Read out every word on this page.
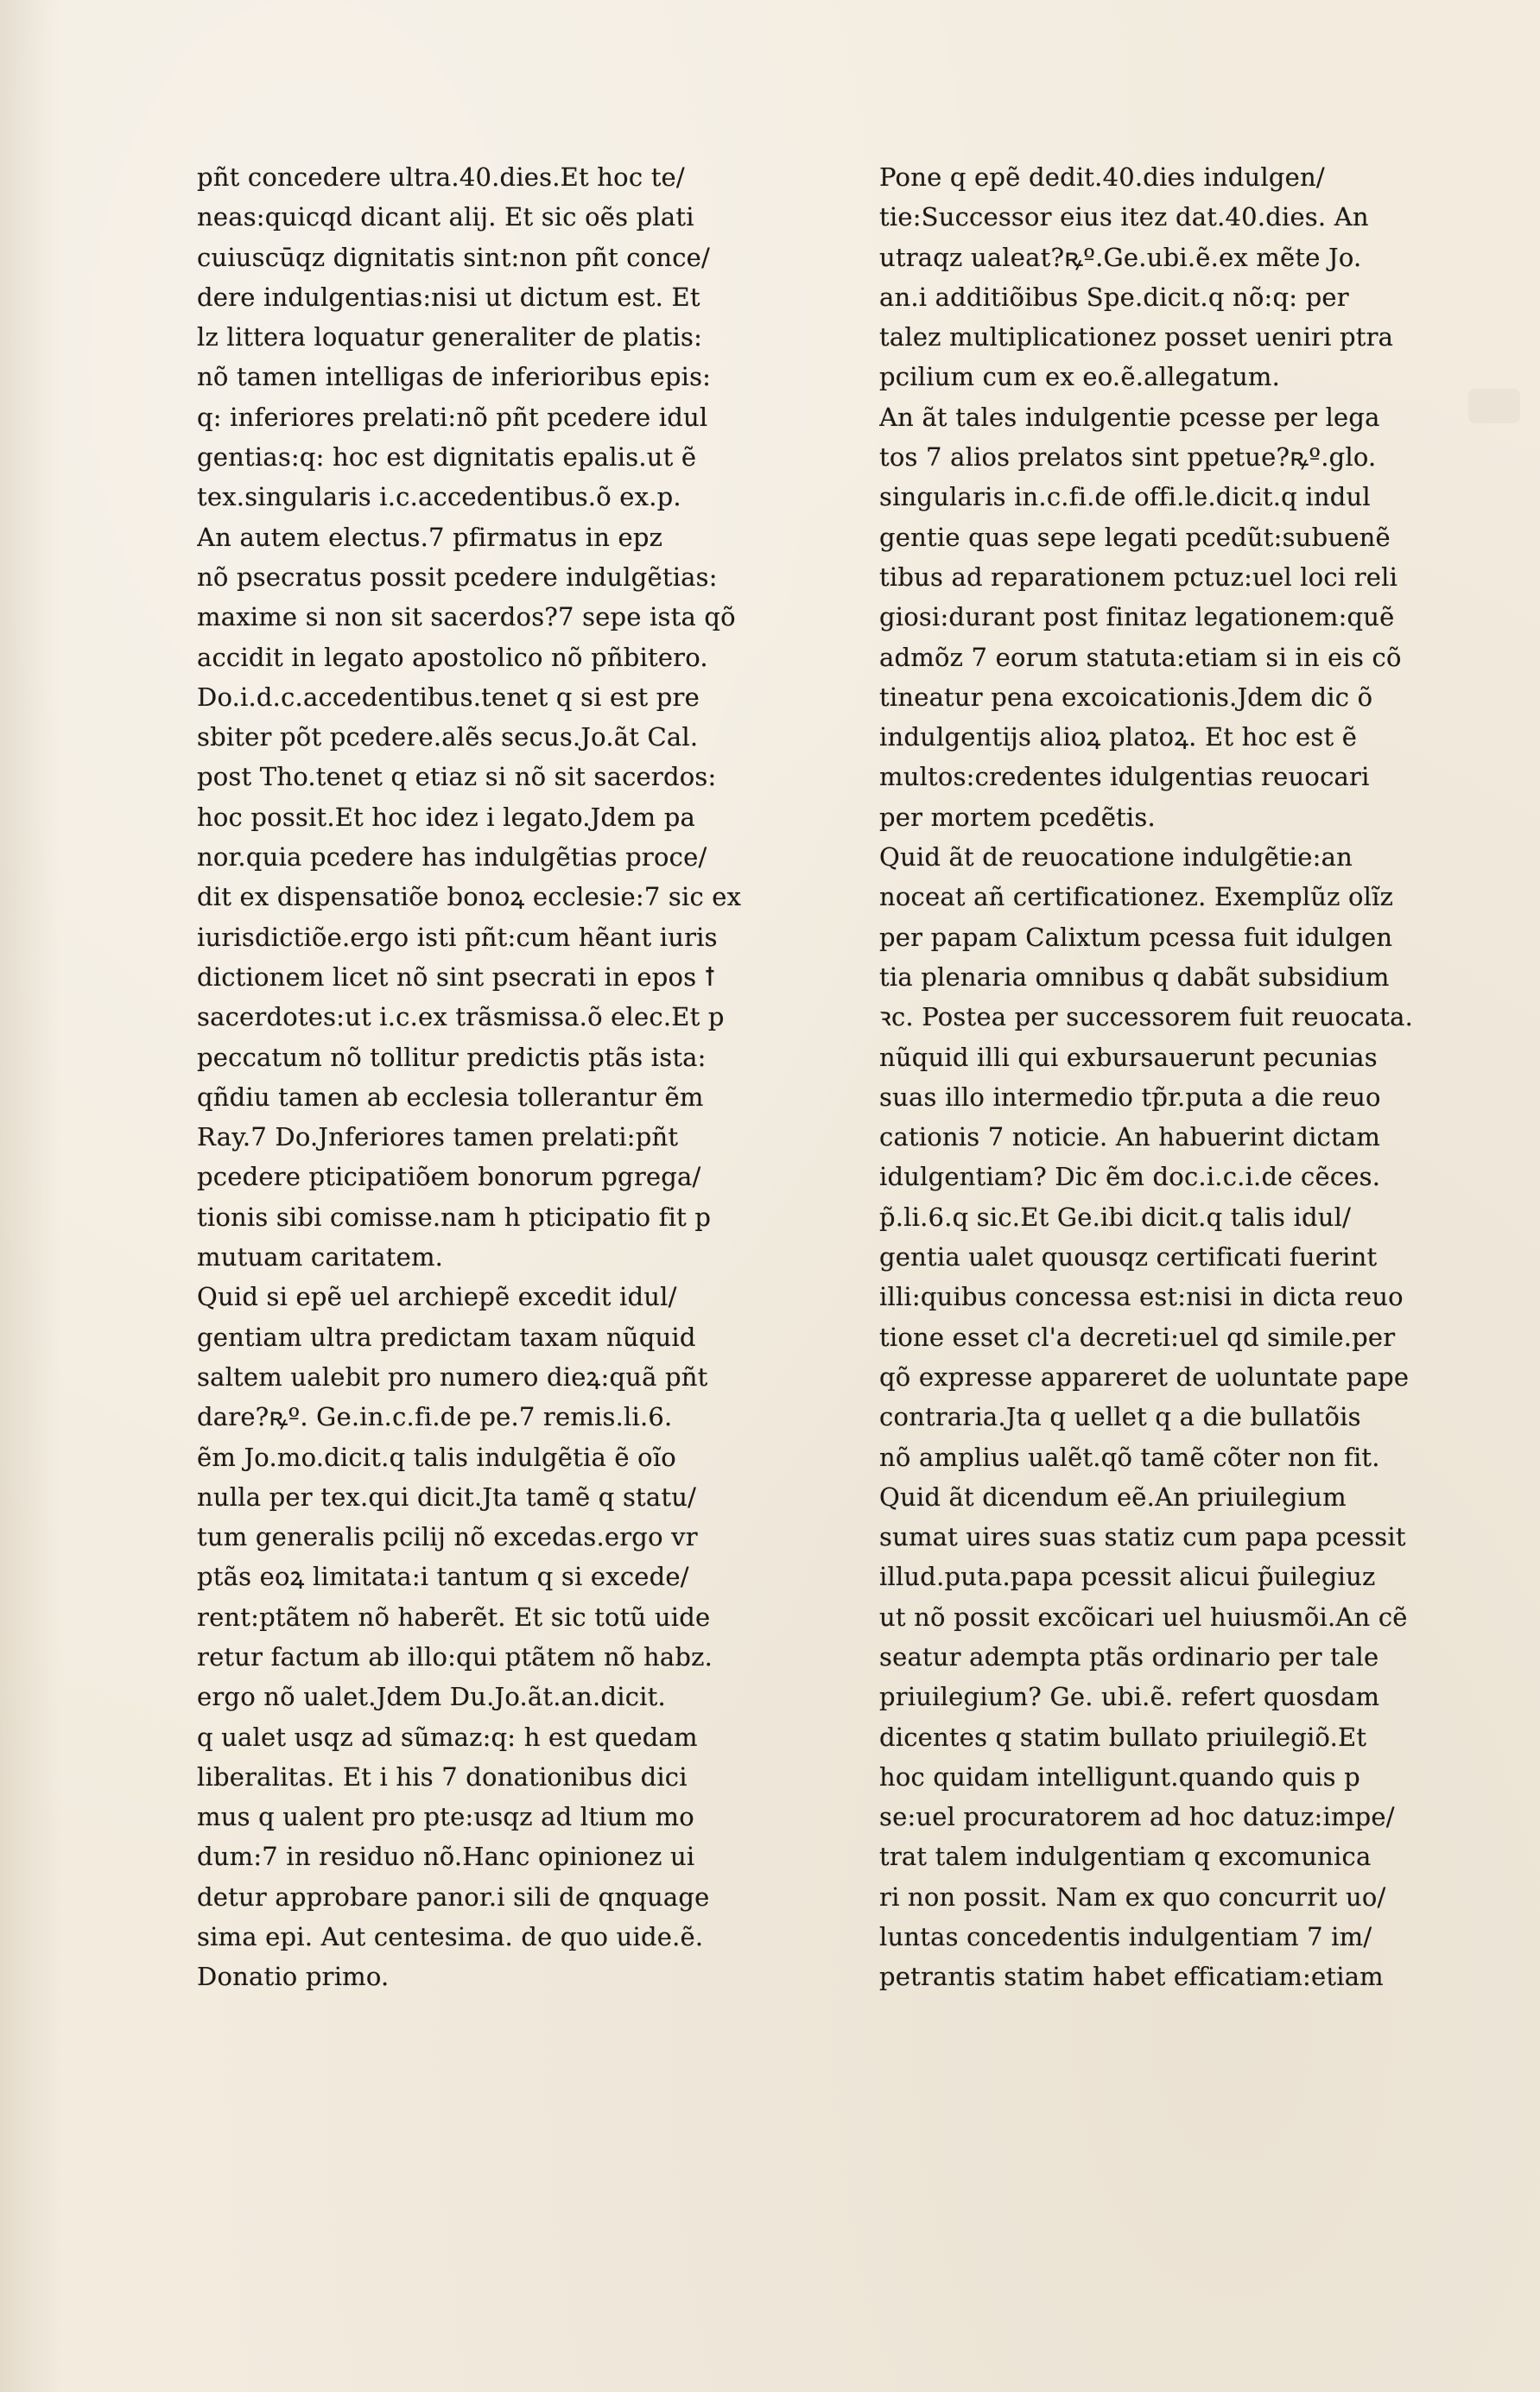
pñt concedere ultra.40.dies.Et hoc te/
neas:quicqd dicant alij. Et sic oẽs plati
cuiuscūqz dignitatis sint:non pñt conce/
dere indulgentias:nisi ut dictum est. Et
lz littera loquatur generaliter de platis:
nõ tamen intelligas de inferioribus epis:
q: inferiores prelati:nõ pñt pcedere idul
gentias:q: hoc est dignitatis epalis.ut ẽ
tex.singularis i.c.accedentibus.õ ex.p.
An autem electus.7 pfirmatus in epz
nõ psecratus possit pcedere indulgẽtias:
maxime si non sit sacerdos?7 sepe ista qõ
accidit in legato apostolico nõ pñbitero.
Do.i.d.c.accedentibus.tenet q si est pre
sbiter põt pcedere.alẽs secus.Jo.ãt Cal.
post Tho.tenet q etiaz si nõ sit sacerdos:
hoc possit.Et hoc idez i legato.Jdem pa
nor.quia pcedere has indulgẽtias proce/
dit ex dispensatiõe bonoꝝ ecclesie:7 sic ex
iurisdictiõe.ergo isti pñt:cum hẽant iuris
dictionem licet nõ sint psecrati in epos ꝉ
sacerdotes:ut i.c.ex trãsmissa.õ elec.Et p
peccatum nõ tollitur predictis ptãs ista:
qñdiu tamen ab ecclesia tollerantur ẽm
Ray.7 Do.Jnferiores tamen prelati:pñt
pcedere pticipatiõem bonorum pgrega/
tionis sibi comisse.nam h pticipatio fit p
mutuam caritatem.
Quid si epẽ uel archiepẽ excedit idul/
gentiam ultra predictam taxam nũquid
saltem ualebit pro numero dieꝝ:quã pñt
dare?ꝶº. Ge.in.c.fi.de pe.7 remis.li.6.
ẽm Jo.mo.dicit.q talis indulgẽtia ẽ oĩo
nulla per tex.qui dicit.Jta tamẽ q statu/
tum generalis pcilij nõ excedas.ergo vr
ptãs eoꝝ limitata:i tantum q si excede/
rent:ptãtem nõ haberẽt. Et sic totũ uide
retur factum ab illo:qui ptãtem nõ habz.
ergo nõ ualet.Jdem Du.Jo.ãt.an.dicit.
q ualet usqz ad sũmaz:q: h est quedam
liberalitas. Et i his 7 donationibus dici
mus q ualent pro pte:usqz ad ltium mo
dum:7 in residuo nõ.Hanc opinionez ui
detur approbare panor.i sili de qnquage
sima epi. Aut centesima. de quo uide.ẽ.
Donatio primo.
Pone q epẽ dedit.40.dies indulgen/
tie:Successor eius itez dat.40.dies. An
utraqz ualeat?ꝶº.Ge.ubi.ẽ.ex mẽte Jo.
an.i additiõibus Spe.dicit.q nõ:q: per
talez multiplicationez posset ueniri ptra
pcilium cum ex eo.ẽ.allegatum.
An ãt tales indulgentie pcesse per lega
tos 7 alios prelatos sint ppetue?ꝶº.glo.
singularis in.c.fi.de offi.le.dicit.q indul
gentie quas sepe legati pcedũt:subuenẽ
tibus ad reparationem pctuz:uel loci reli
giosi:durant post finitaz legationem:quẽ
admõz 7 eorum statuta:etiam si in eis cõ
tineatur pena excoicationis.Jdem dic õ
indulgentijs alioꝝ platoꝝ. Et hoc est ẽ
multos:credentes idulgentias reuocari
per mortem pcedẽtis.
Quid ãt de reuocatione indulgẽtie:an
noceat añ certificationez. Exemplũz olĩz
per papam Calixtum pcessa fuit idulgen
tia plenaria omnibus q dabãt subsidium
ꝛc. Postea per successorem fuit reuocata.
nũquid illi qui exbursauerunt pecunias
suas illo intermedio tp̃r.puta a die reuo
cationis 7 noticie. An habuerint dictam
idulgentiam? Dic ẽm doc.i.c.i.de cẽces.
p̃.li.6.q sic.Et Ge.ibi dicit.q talis idul/
gentia ualet quousqz certificati fuerint
illi:quibus concessa est:nisi in dicta reuo
tione esset cl'a decreti:uel qd simile.per
qõ expresse appareret de uoluntate pape
contraria.Jta q uellet q a die bullatõis
nõ amplius ualẽt.qõ tamẽ cõter non fit.
Quid ãt dicendum eẽ.An priuilegium
sumat uires suas statiz cum papa pcessit
illud.puta.papa pcessit alicui p̃uilegiuz
ut nõ possit excõicari uel huiusmõi.An cẽ
seatur adempta ptãs ordinario per tale
priuilegium? Ge. ubi.ẽ. refert quosdam
dicentes q statim bullato priuilegiõ.Et
hoc quidam intelligunt.quando quis p
se:uel procuratorem ad hoc datuz:impe/
trat talem indulgentiam q excomunica
ri non possit. Nam ex quo concurrit uo/
luntas concedentis indulgentiam 7 im/
petrantis statim habet efficatiam:etiam
